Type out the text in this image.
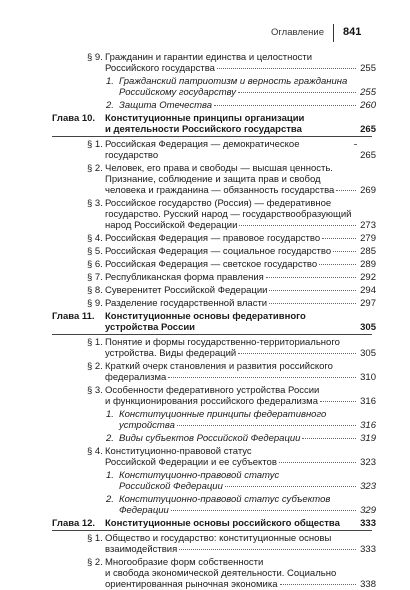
Оглавление 841
§ 9. Гражданин и гарантии единства и целостности
Российского государства	255
1. Гражданский патриотизм и верность гражданина
Российскому государству	255
2. Защита Отечества	260
Глава 10. Конституционные принципы организации
и деятельности Российского государства	265
§ 1. Российская Федерация — демократическое государство	265
§ 2. Человек, его права и свободы — высшая ценность.
Признание, соблюдение и защита прав и свобод
человека и гражданина — обязанность государства	269
§ 3. Российское государство (Россия) — федеративное
государство. Русский народ — государствообразующий
народ Российской Федерации	273
§ 4. Российская Федерация — правовое государство	279
§ 5. Российская Федерация — социальное государство	285
§ 6. Российская Федерация — светское государство	289
§ 7. Республиканская форма правления	292
§ 8. Суверенитет Российской Федерации	294
§ 9. Разделение государственной власти	297
Глава 11. Конституционные основы федеративного устройства России	305
§ 1. Понятие и формы государственно-территориального
устройства. Виды федераций	305
§ 2. Краткий очерк становления и развития российского
федерализма	310
§ 3. Особенности федеративного устройства России
и функционирования российского федерализма	316
1. Конституционные принципы федеративного
устройства	316
2. Виды субъектов Российской Федерации	319
§ 4. Конституционно-правовой статус
Российской Федерации и ее субъектов	323
1. Конституционно-правовой статус
Российской Федерации	323
2. Конституционно-правовой статус субъектов
Федерации	329
Глава 12. Конституционные основы российского общества 333
§ 1. Общество и государство: конституционные основы
взаимодействия	333
§ 2. Многообразие форм собственности
и свобода экономической деятельности. Социально
ориентированная рыночная экономика	338
